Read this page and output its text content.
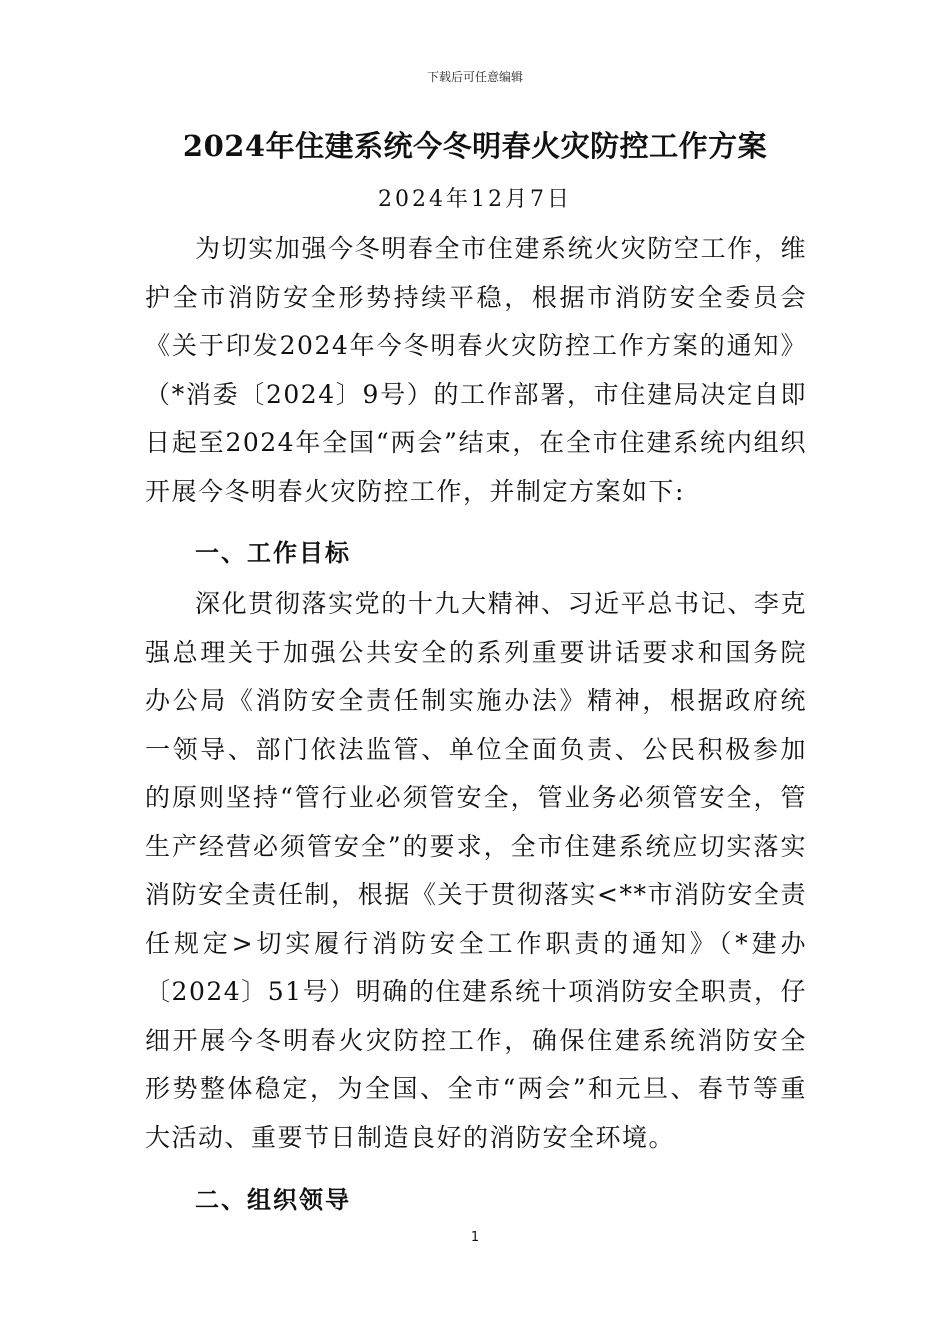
下载后可任意编辑
2024年住建系统今冬明春火灾防控工作方案
2024年12月7日

为切实加强今冬明春全市住建系统火灾防空工作，维护全市消防安全形势持续平稳，根据市消防安全委员会《关于印发2024年今冬明春火灾防控工作方案的通知》（*消委〔2024〕9号）的工作部署，市住建局决定自即日起至2024年全国“两会”结束，在全市住建系统内组织开展今冬明春火灾防控工作，并制定方案如下:

一、工作目标

深化贯彻落实党的十九大精神、习近平总书记、李克强总理关于加强公共安全的系列重要讲话要求和国务院办公局《消防安全责任制实施办法》精神，根据政府统一领导、部门依法监管、单位全面负责、公民积极参加的原则坚持“管行业必须管安全，管业务必须管安全，管生产经营必须管安全”的要求，全市住建系统应切实落实消防安全责任制，根据《关于贯彻落实<**市消防安全责任规定>切实履行消防安全工作职责的通知》（*建办〔2024〕51号）明确的住建系统十项消防安全职责，仔细开展今冬明春火灾防控工作，确保住建系统消防安全形势整体稳定，为全国、全市“两会”和元旦、春节等重大活动、重要节日制造良好的消防安全环境。

二、组织领导
1
